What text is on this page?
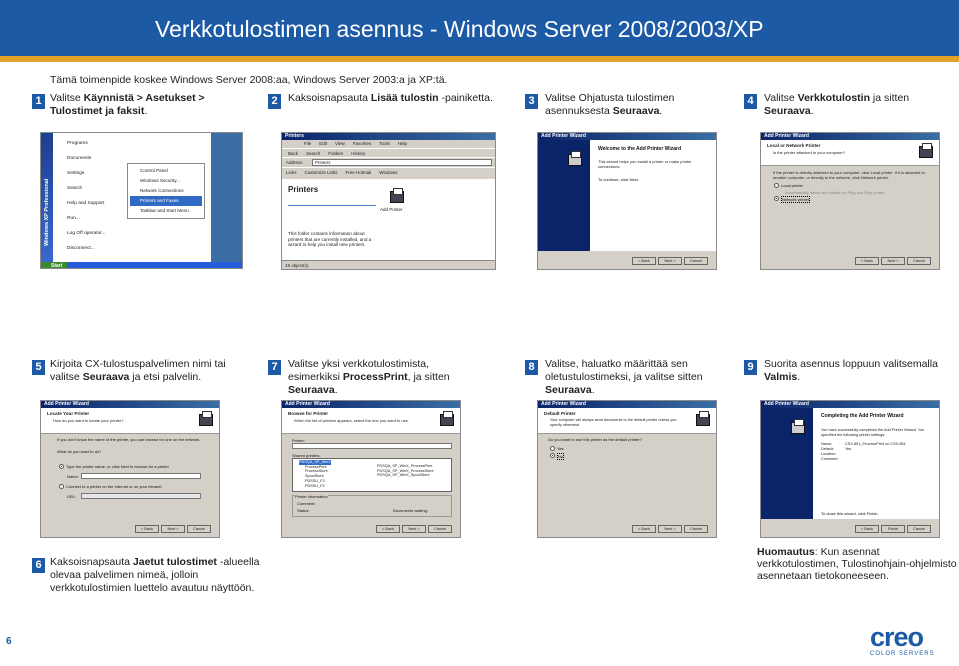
Verkkotulostimen asennus - Windows Server 2008/2003/XP
Tämä toimenpide koskee Windows Server 2008:aa, Windows Server 2003:a ja XP:tä.
1 Valitse Käynnistä > Asetukset > Tulostimet ja faksit.
2 Kaksoisnapsauta Lisää tulostin -painiketta.	3 Valitse Ohjatusta tulostimen asennuksesta Seuraava.
4 Valitse Verkkotulostin ja sitten Seuraava.
Windows XP Professional
Programs
Documents
Settings
Search
Help and Support
Run...
Log Off operator...
Disconnect...
Control Panel
Windows Security...
Network Connections
Printers and Faxes
Taskbar and Start Menu
Start
Printers
File Edit View Favorites Tools Help
Back Search Folders History
Address	Printers
Links Customize Links Free Hotmail Windows
Printers
This folder contains information about printers that are currently installed, and a wizard to help you install new printers.
Add Printer
19 object(s)
Add Printer Wizard
Welcome to the Add Printer Wizard
This wizard helps you install a printer or make printer connections.
To continue, click Next.
< Back	Next >	Cancel
Add Printer Wizard
Local or Network Printer
Is the printer attached to your computer?
If the printer is directly attached to your computer, click Local printer. If it is attached to another computer, or directly to the network, click Network printer.
Local printer
Automatically detect and install my Plug and Play printer
Network printer
< Back	Next >	Cancel
5 Kirjoita CX-tulostuspalvelimen nimi tai valitse Seuraava ja etsi palvelin.
7 Valitse yksi verkkotulostimista, esimerkiksi ProcessPrint, ja sitten Seuraava.
8 Valitse, haluatko määrittää sen oletustulostimeksi, ja valitse sitten Seuraava.
9 Suorita asennus loppuun valitsemalla Valmis.
Add Printer Wizard
Locate Your Printer
How do you want to locate your printer?
If you don't know the name of the printer, you can browse for one on the network.
What do you want to do?
Type the printer name, or click Next to browse for a printer
Name:
Connect to a printer on the Internet or on your intranet
URL:
< Back	Next >	Cancel
Add Printer Wizard
Browse for Printer
When the list of printers appears, select the one you want to use.
Printer:
Shared printers:
PDSQA_SP_WinX
ProcessPrint
ProcessStore
SpoolStore
PDSSU_F3
PDSSU_F2
PDSQA_SP_WinX_ProcessPrint
PDSQA_SP_WinX_ProcessStore
PDSQA_SP_WinX_SpoolStore
Printer information
Comment:
Status:	Documents waiting:
< Back	Next >	Cancel
Add Printer Wizard
Default Printer
Your computer will always send documents to the default printer unless you specify otherwise.
Do you want to use this printer as the default printer?
Yes
No
< Back	Next >	Cancel
Add Printer Wizard
Completing the Add Printer Wizard
You have successfully completed the Add Printer Wizard. You specified the following printer settings:
Name:	CSX-851_ProcessPrint on CSX-851
Default:	Yes
Location:
Comment:
To close this wizard, click Finish.
< Back	Finish	Cancel
6 Kaksoisnapsauta Jaetut tulostimet -alueella olevaa palvelimen nimeä, jolloin verkkotulostimien luettelo avautuu näyttöön.
Huomautus: Kun asennat verkkotulostimen, Tulostinohjain-ohjelmisto asennetaan tietokoneeseen.
6	creo
COLOR SERVERS
